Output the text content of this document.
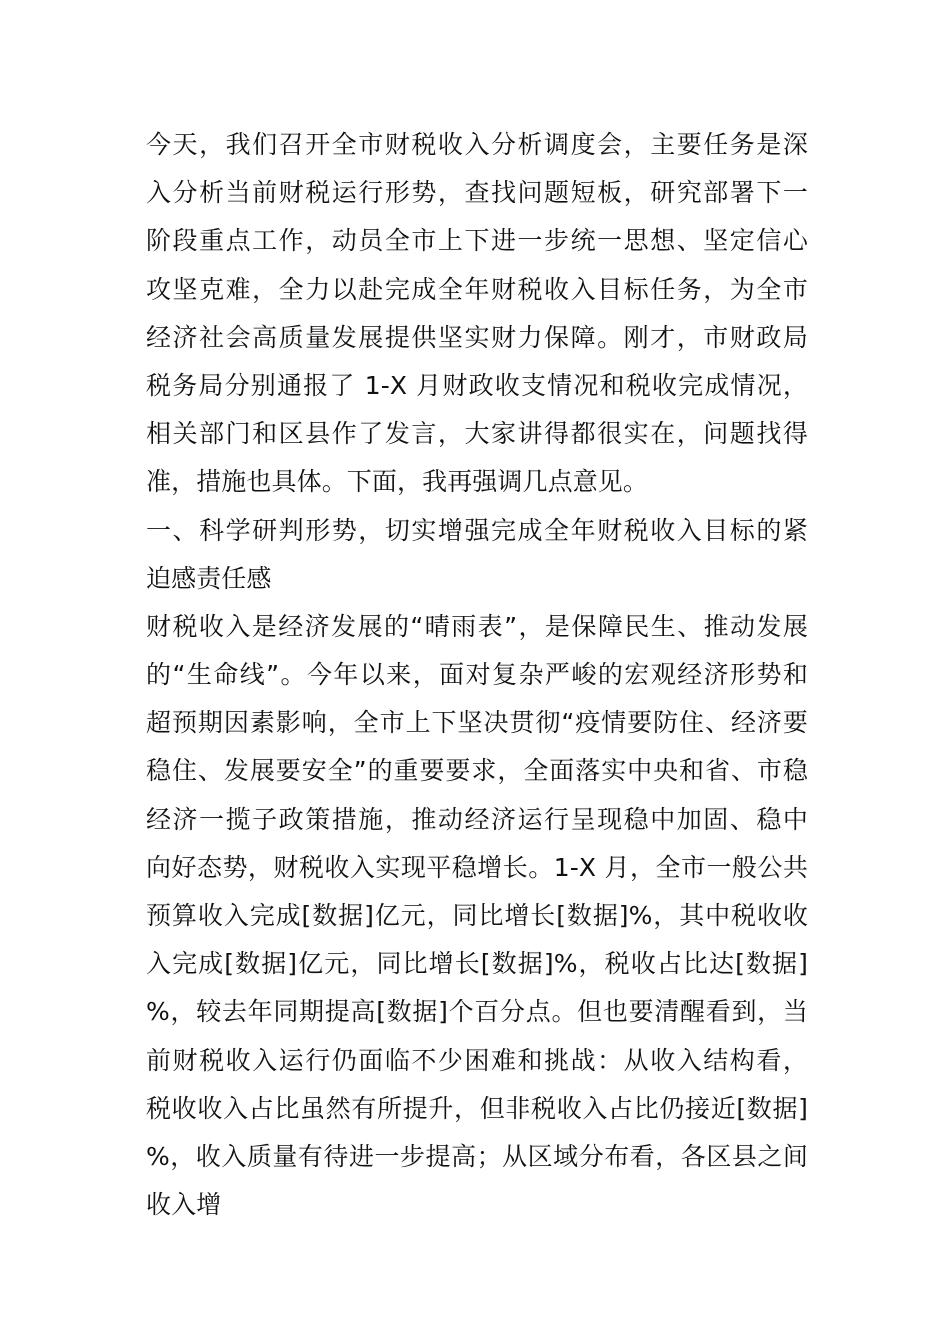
今天，我们召开全市财税收入分析调度会，主要任务是深
入分析当前财税运行形势，查找问题短板，研究部署下一
阶段重点工作，动员全市上下进一步统一思想、坚定信心
攻坚克难，全力以赴完成全年财税收入目标任务，为全市
经济社会高质量发展提供坚实财力保障。刚才，市财政局
税务局分别通报了 1-X 月财政收支情况和税收完成情况，
相关部门和区县作了发言，大家讲得都很实在，问题找得
准，措施也具体。下面，我再强调几点意见。
一、科学研判形势，切实增强完成全年财税收入目标的紧
迫感责任感
财税收入是经济发展的“晴雨表”，是保障民生、推动发展
的“生命线”。今年以来，面对复杂严峻的宏观经济形势和
超预期因素影响，全市上下坚决贯彻“疫情要防住、经济要
稳住、发展要安全”的重要要求，全面落实中央和省、市稳
经济一揽子政策措施，推动经济运行呈现稳中加固、稳中
向好态势，财税收入实现平稳增长。1-X 月，全市一般公共
预算收入完成[数据]亿元，同比增长[数据]%，其中税收收
入完成[数据]亿元，同比增长[数据]%，税收占比达[数据]
%，较去年同期提高[数据]个百分点。但也要清醒看到，当
前财税收入运行仍面临不少困难和挑战：从收入结构看，
税收收入占比虽然有所提升，但非税收入占比仍接近[数据]
%，收入质量有待进一步提高；从区域分布看，各区县之间
收入增
